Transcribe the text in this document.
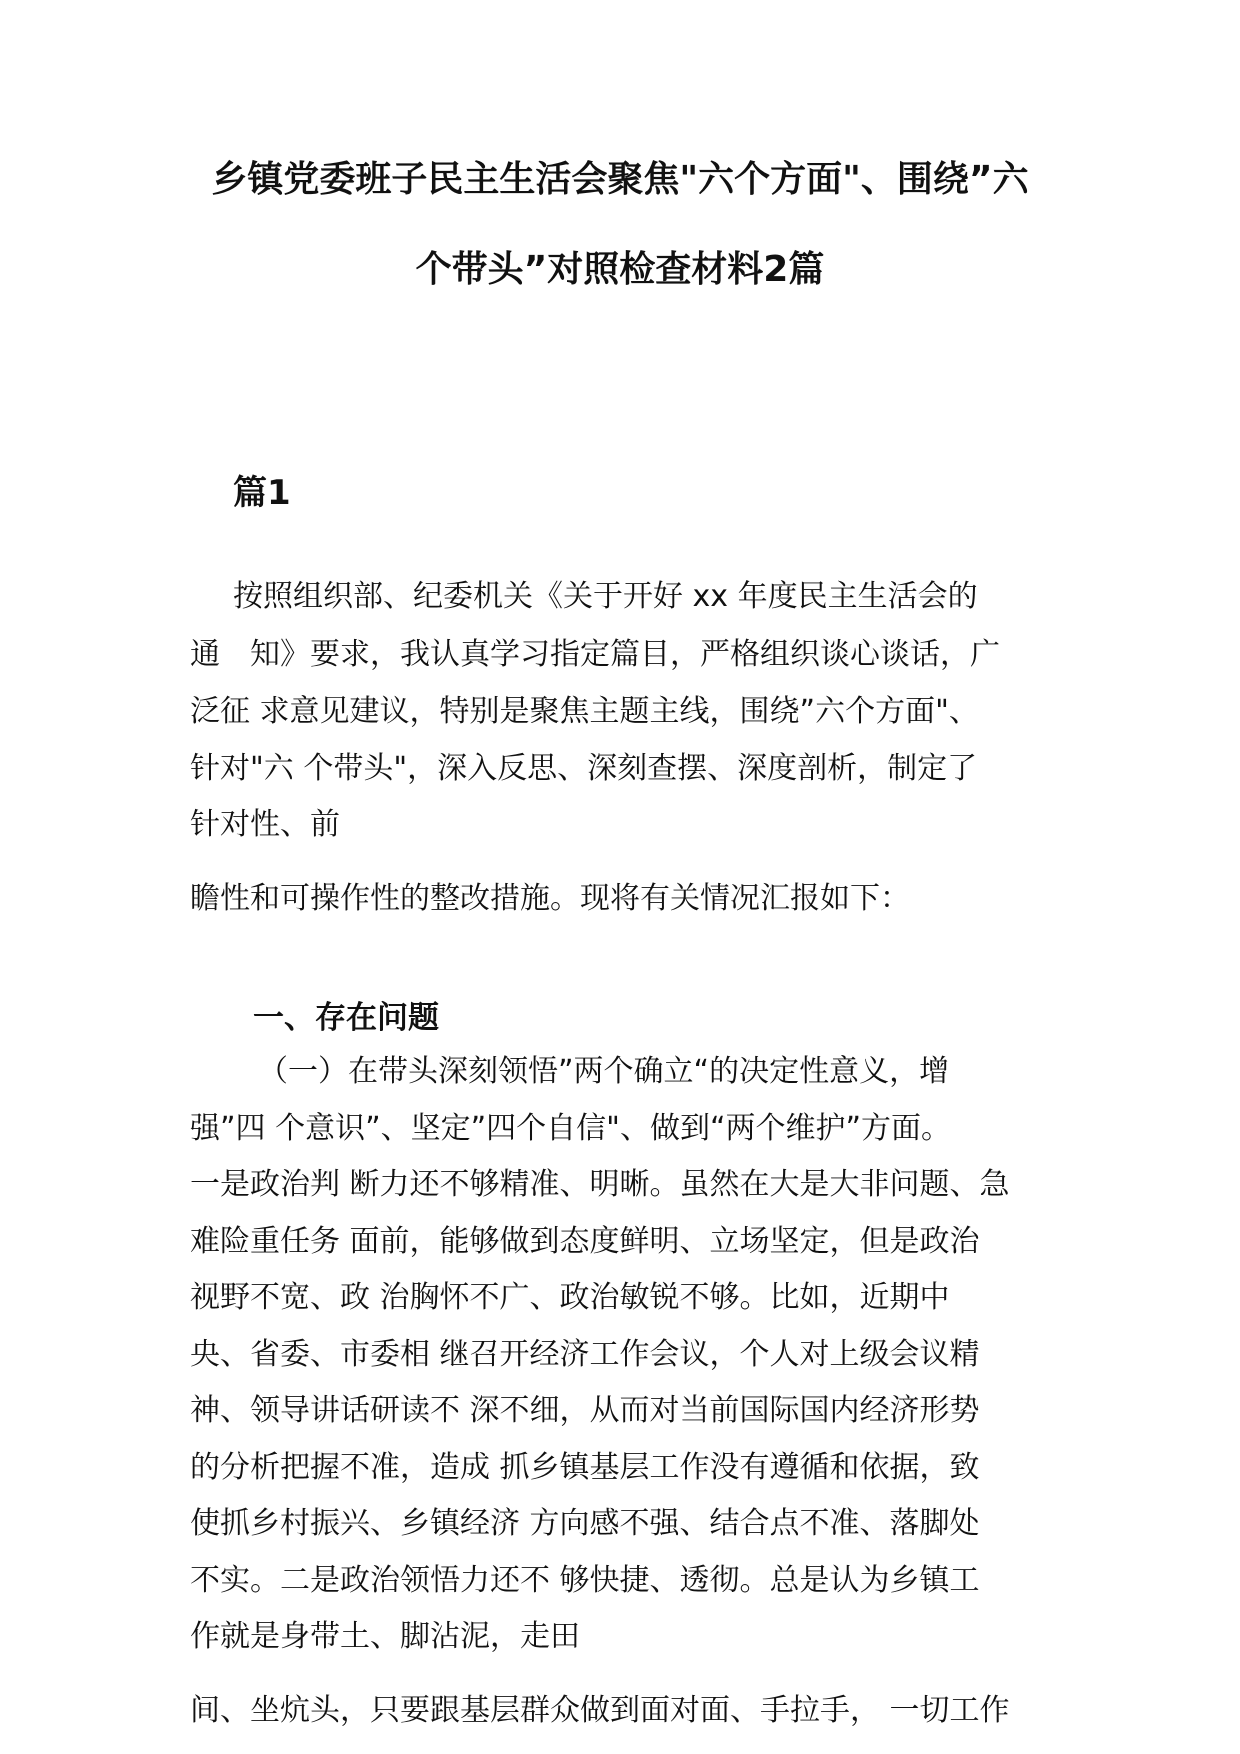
乡镇党委班子民主生活会聚焦"六个方面"、围绕”六
个带头”对照检查材料2篇
篇1

按照组织部、纪委机关《关于开好 xx 年度民主生活会的

通　知》要求，我认真学习指定篇目，严格组织谈心谈话，广

泛征 求意见建议，特别是聚焦主题主线，围绕”六个方面"、

针对"六 个带头"，深入反思、深刻查摆、深度剖析，制定了

针对性、前

瞻性和可操作性的整改措施。现将有关情况汇报如下：

一、存在问题

（一）在带头深刻领悟”两个确立“的决定性意义，增

强”四 个意识”、坚定”四个自信"、做到“两个维护”方面。

一是政治判 断力还不够精准、明晰。虽然在大是大非问题、急

难险重任务 面前，能够做到态度鲜明、立场坚定，但是政治

视野不宽、政 治胸怀不广、政治敏锐不够。比如，近期中

央、省委、市委相 继召开经济工作会议，个人对上级会议精

神、领导讲话研读不 深不细，从而对当前国际国内经济形势

的分析把握不准，造成 抓乡镇基层工作没有遵循和依据，致

使抓乡村振兴、乡镇经济 方向感不强、结合点不准、落脚处

不实。二是政治领悟力还不 够快捷、透彻。总是认为乡镇工

作就是身带土、脚沾泥，走田

间、坐炕头，只要跟基层群众做到面对面、手拉手， 一切工作
